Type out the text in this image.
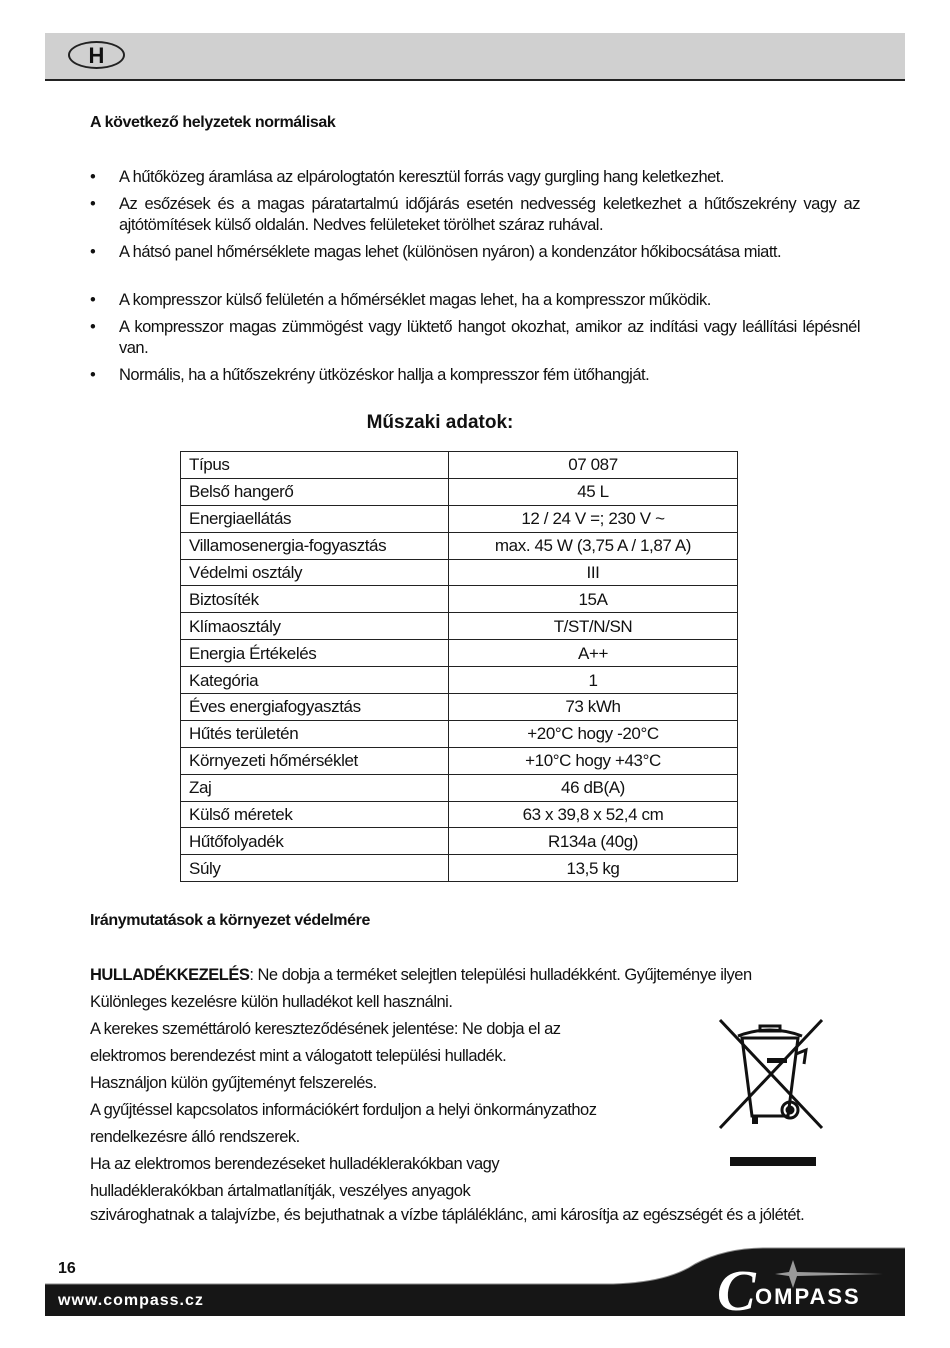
H
A következő helyzetek normálisak
• A hűtőközeg áramlása az elpárologtatón keresztül forrás vagy gurgling hang keletkezhet.
• Az esőzések és a magas páratartalmú időjárás esetén nedvesség keletkezhet a hűtőszekrény vagy az ajtótömítések külső oldalán. Nedves felületeket törölhet száraz ruhával.
• A hátsó panel hőmérséklete magas lehet (különösen nyáron) a kondenzátor hőkibocsátása miatt.
• A kompresszor külső felületén a hőmérséklet magas lehet, ha a kompresszor működik.
• A kompresszor magas zümmögést vagy lüktető hangot okozhat, amikor az indítási vagy leállítási lépésnél van.
• Normális, ha a hűtőszekrény ütközéskor hallja a kompresszor fém ütőhangját.
Műszaki adatok:
Típus	07 087
Belső hangerő	45 L
Energiaellátás	12 / 24 V =; 230 V ~
Villamosenergia-fogyasztás	max. 45 W (3,75 A / 1,87 A)
Védelmi osztály	III
Biztosíték	15A
Klímaosztály	T/ST/N/SN
Energia Értékelés	A++
Kategória	1
Éves energiafogyasztás	73 kWh
Hűtés területén	+20°C hogy -20°C
Környezeti hőmérséklet	+10°C hogy +43°C
Zaj	46 dB(A)
Külső méretek	63 x 39,8 x 52,4 cm
Hűtőfolyadék	R134a (40g)
Súly	13,5 kg
Iránymutatások a környezet védelmére
HULLADÉKKEZELÉS: Ne dobja a terméket selejtlen települési hulladékként. Gyűjteménye ilyen
Különleges kezelésre külön hulladékot kell használni.
A kerekes szeméttároló kereszteződésének jelentése: Ne dobja el az
elektromos berendezést mint a válogatott települési hulladék.
Használjon külön gyűjteményt felszerelés.
A gyűjtéssel kapcsolatos információkért forduljon a helyi önkormányzathoz
rendelkezésre álló rendszerek.
Ha az elektromos berendezéseket hulladéklerakókban vagy
hulladéklerakókban ártalmatlanítják, veszélyes anyagok
szivároghatnak a talajvízbe, és bejuthatnak a vízbe tápláléklánc, ami károsítja az egészségét és a jólétét.
C OMPASS
16
www.compass.cz
